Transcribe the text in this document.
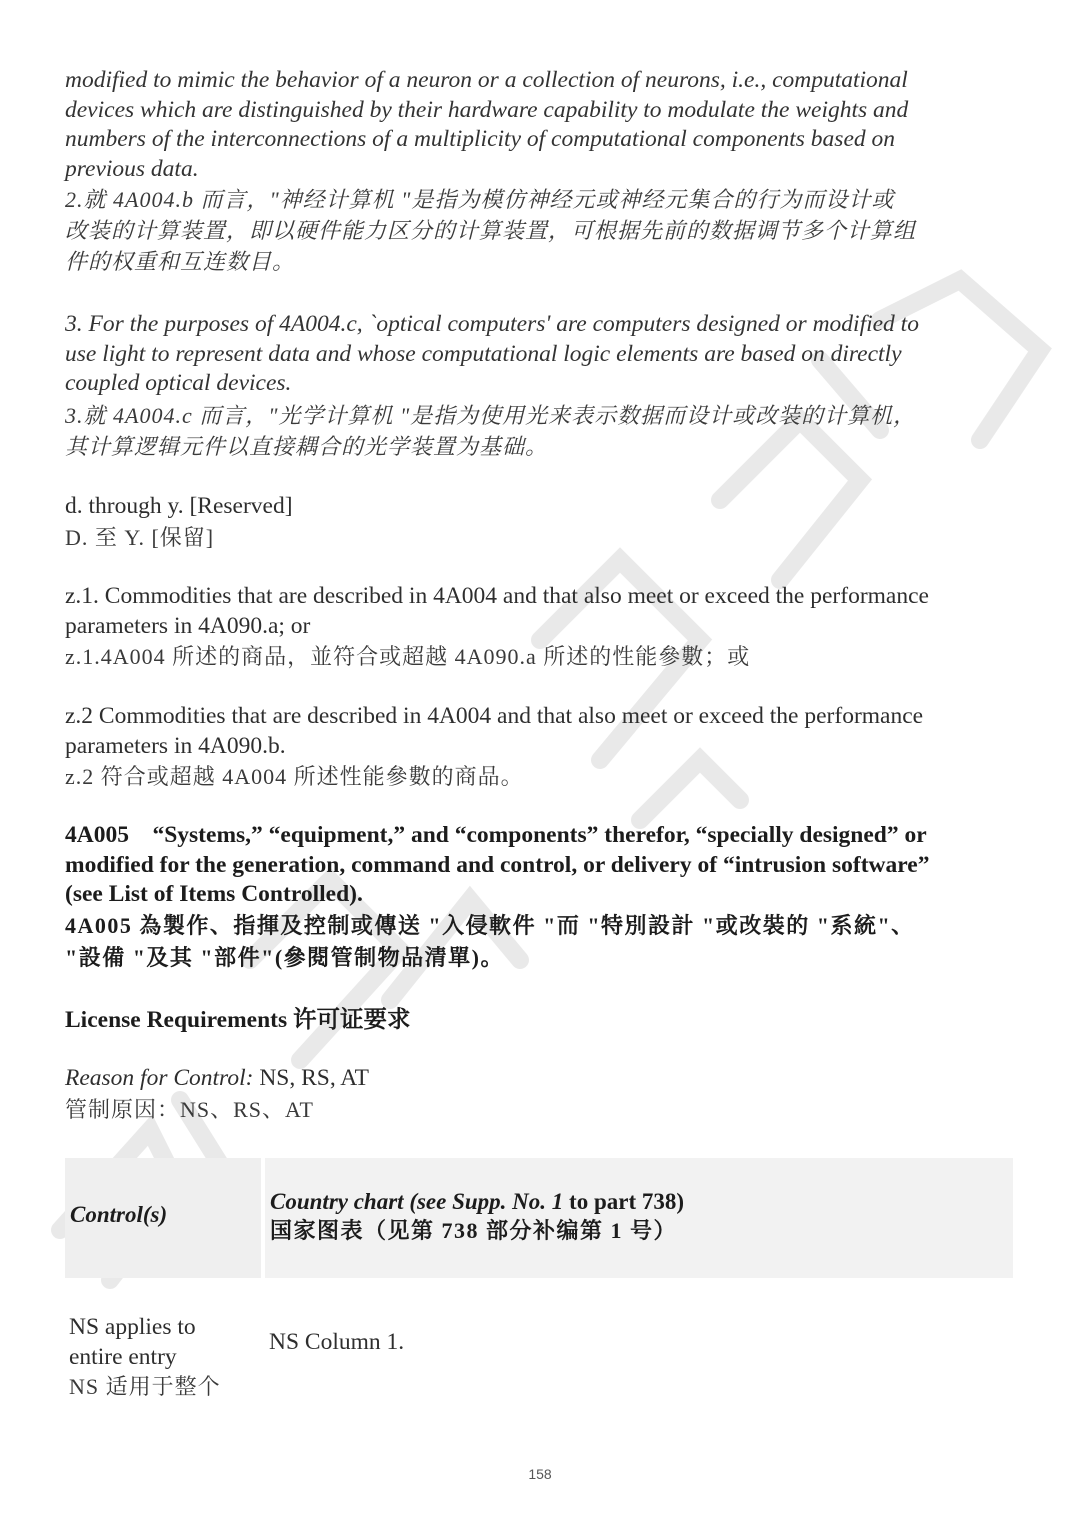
modified to mimic the behavior of a neuron or a collection of neurons, i.e., computational

devices which are distinguished by their hardware capability to modulate the weights and

numbers of the interconnections of a multiplicity of computational components based on

previous data.

2.就 4A004.b 而言，"神经计算机 "是指为模仿神经元或神经元集合的行为而设计或

改装的计算装置，即以硬件能力区分的计算装置，可根据先前的数据调节多个计算组

件的权重和互连数目。

3. For the purposes of 4A004.c, `optical computers' are computers designed or modified to

use light to represent data and whose computational logic elements are based on directly

coupled optical devices.

3.就 4A004.c 而言，"光学计算机 "是指为使用光来表示数据而设计或改装的计算机，

其计算逻辑元件以直接耦合的光学装置为基础。

d. through y. [Reserved]

D. 至 Y. [保留]

z.1. Commodities that are described in 4A004 and that also meet or exceed the performance

parameters in 4A090.a; or

z.1.4A004 所述的商品，並符合或超越 4A090.a 所述的性能參數；或

z.2 Commodities that are described in 4A004 and that also meet or exceed the performance

parameters in 4A090.b.

z.2 符合或超越 4A004 所述性能參數的商品。

4A005    “Systems,” “equipment,” and “components” therefor, “specially designed” or

modified for the generation, command and control, or delivery of “intrusion software”

(see List of Items Controlled).

4A005 為製作、指揮及控制或傳送 "入侵軟件 "而 "特別設計 "或改裝的 "系統"、

"設備 "及其 "部件"(參閱管制物品清單)。

License Requirements 许可证要求

Reason for Control: NS, RS, AT

管制原因：NS、RS、AT

Control(s)
Country chart (see Supp. No. 1 to part 738)
国家图表（见第 738 部分补编第 1 号）
NS applies to
entire entry
NS 适用于整个
NS Column 1.
158
